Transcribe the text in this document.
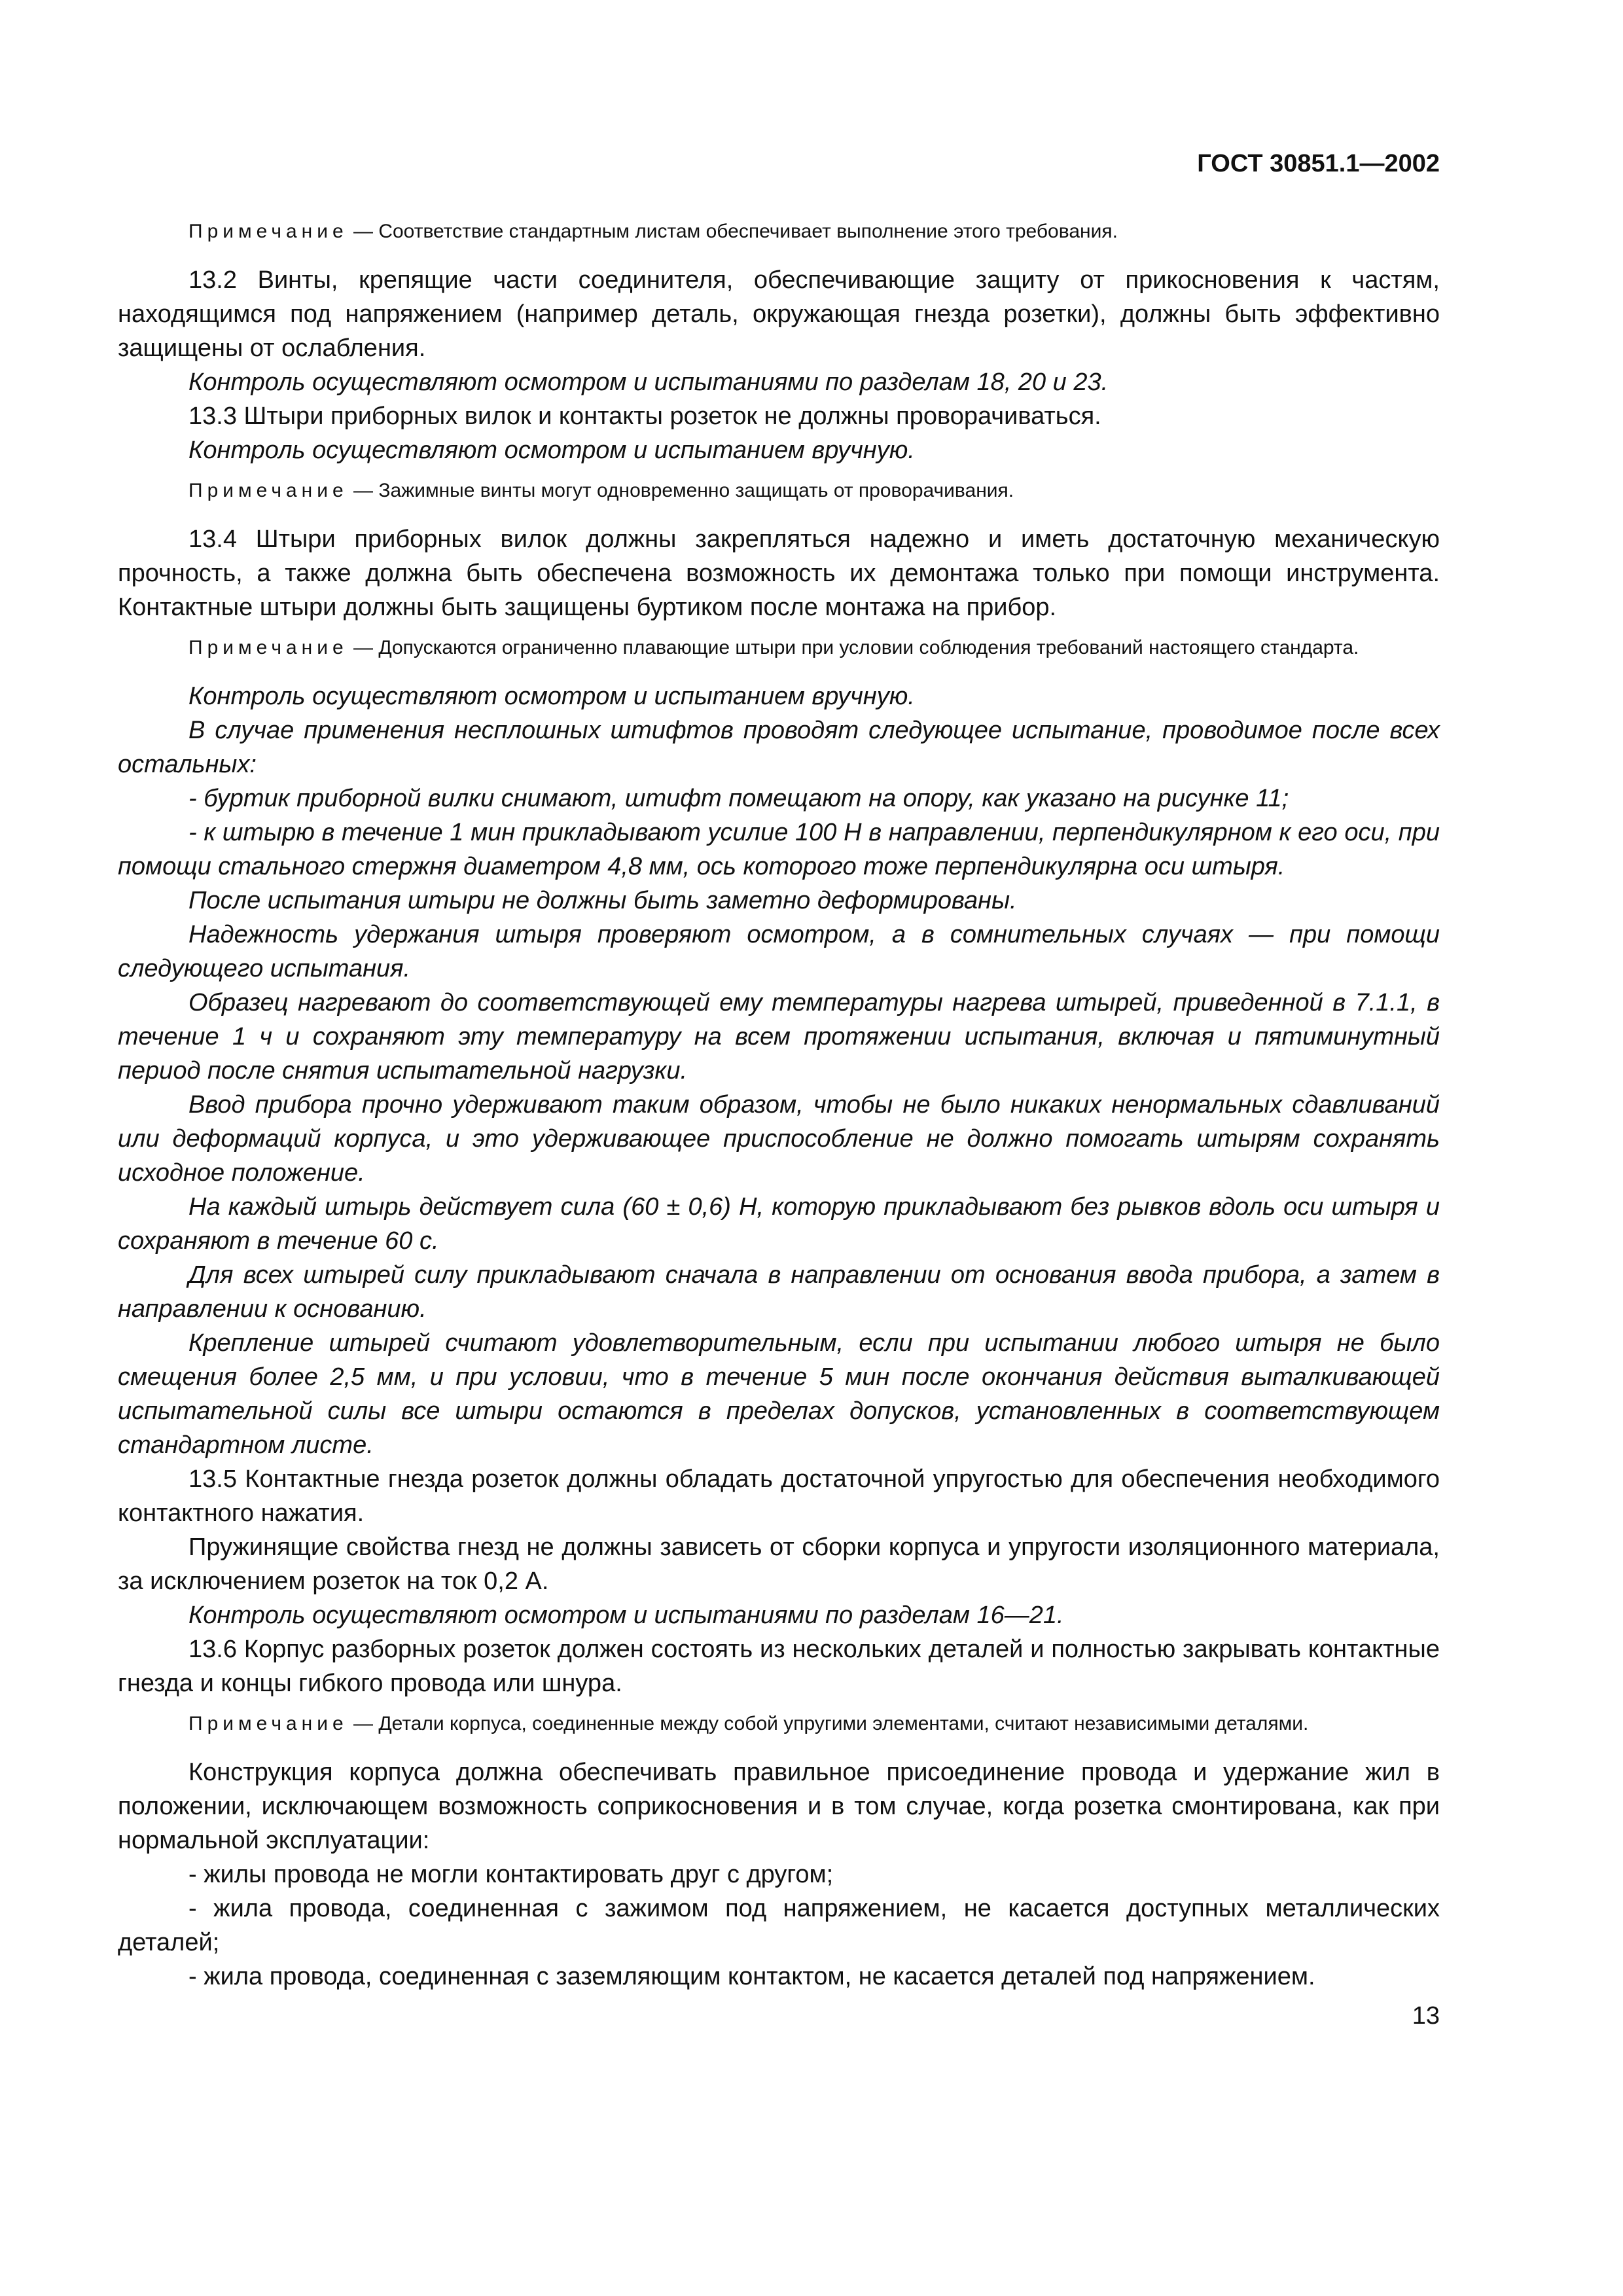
ГОСТ 30851.1—2002

Примечание — Соответствие стандартным листам обеспечивает выполнение этого требования.

13.2 Винты, крепящие части соединителя, обеспечивающие защиту от прикосновения к частям, находящимся под напряжением (например деталь, окружающая гнезда розетки), должны быть эффективно защищены от ослабления.

Контроль осуществляют осмотром и испытаниями по разделам 18, 20 и 23.

13.3 Штыри приборных вилок и контакты розеток не должны проворачиваться.

Контроль осуществляют осмотром и испытанием вручную.

Примечание — Зажимные винты могут одновременно защищать от проворачивания.

13.4 Штыри приборных вилок должны закрепляться надежно и иметь достаточную механическую прочность, а также должна быть обеспечена возможность их демонтажа только при помощи инструмента. Контактные штыри должны быть защищены буртиком после монтажа на прибор.

Примечание — Допускаются ограниченно плавающие штыри при условии соблюдения требований настоящего стандарта.

Контроль осуществляют осмотром и испытанием вручную.

В случае применения несплошных штифтов проводят следующее испытание, проводимое после всех остальных:

- буртик приборной вилки снимают, штифт помещают на опору, как указано на рисунке 11;

- к штырю в течение 1 мин прикладывают усилие 100 Н в направлении, перпендикулярном к его оси, при помощи стального стержня диаметром 4,8 мм, ось которого тоже перпендикулярна оси штыря.

После испытания штыри не должны быть заметно деформированы.

Надежность удержания штыря проверяют осмотром, а в сомнительных случаях — при помощи следующего испытания.

Образец нагревают до соответствующей ему температуры нагрева штырей, приведенной в 7.1.1, в течение 1 ч и сохраняют эту температуру на всем протяжении испытания, включая и пятиминутный период после снятия испытательной нагрузки.

Ввод прибора прочно удерживают таким образом, чтобы не было никаких ненормальных сдавливаний или деформаций корпуса, и это удерживающее приспособление не должно помогать штырям сохранять исходное положение.

На каждый штырь действует сила (60 ± 0,6) Н, которую прикладывают без рывков вдоль оси штыря и сохраняют в течение 60 с.

Для всех штырей силу прикладывают сначала в направлении от основания ввода прибора, а затем в направлении к основанию.

Крепление штырей считают удовлетворительным, если при испытании любого штыря не было смещения более 2,5 мм, и при условии, что в течение 5 мин после окончания действия выталкивающей испытательной силы все штыри остаются в пределах допусков, установленных в соответствующем стандартном листе.

13.5 Контактные гнезда розеток должны обладать достаточной упругостью для обеспечения необходимого контактного нажатия.

Пружинящие свойства гнезд не должны зависеть от сборки корпуса и упругости изоляционного материала, за исключением розеток на ток 0,2 А.

Контроль осуществляют осмотром и испытаниями по разделам 16—21.

13.6 Корпус разборных розеток должен состоять из нескольких деталей и полностью закрывать контактные гнезда и концы гибкого провода или шнура.

Примечание — Детали корпуса, соединенные между собой упругими элементами, считают независимыми деталями.

Конструкция корпуса должна обеспечивать правильное присоединение провода и удержание жил в положении, исключающем возможность соприкосновения и в том случае, когда розетка смонтирована, как при нормальной эксплуатации:

- жилы провода не могли контактировать друг с другом;

- жила провода, соединенная с зажимом под напряжением, не касается доступных металлических деталей;

- жила провода, соединенная с заземляющим контактом, не касается деталей под напряжением.

13
